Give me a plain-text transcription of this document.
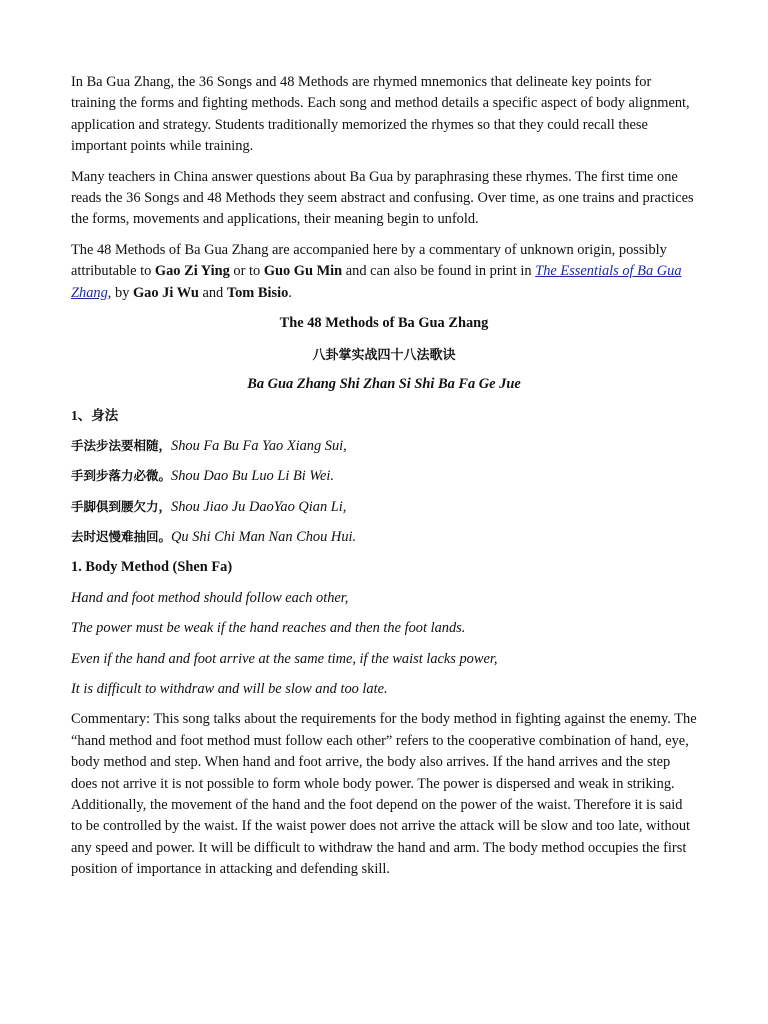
In Ba Gua Zhang, the 36 Songs and 48 Methods are rhymed mnemonics that delineate key points for training the forms and fighting methods. Each song and method details a specific aspect of body alignment, application and strategy. Students traditionally memorized the rhymes so that they could recall these important points while training.

Many teachers in China answer questions about Ba Gua by paraphrasing these rhymes. The first time one reads the 36 Songs and 48 Methods they seem abstract and confusing. Over time, as one trains and practices the forms, movements and applications, their meaning begin to unfold.

The 48 Methods of Ba Gua Zhang are accompanied here by a commentary of unknown origin, possibly attributable to Gao Zi Ying or to Guo Gu Min and can also be found in print in The Essentials of Ba Gua Zhang, by Gao Ji Wu and Tom Bisio.

The 48 Methods of Ba Gua Zhang

八卦掌实战四十八法歌诀

Ba Gua Zhang Shi Zhan Si Shi Ba Fa Ge Jue

1、身法

手法步法要相随，Shou Fa Bu Fa Yao Xiang Sui,

手到步落力必微。Shou Dao Bu Luo Li Bi Wei.

手脚俱到腰欠力，Shou Jiao Ju DaoYao Qian Li,

去时迟慢难抽回。Qu Shi Chi Man Nan Chou Hui.

1. Body Method (Shen Fa)

Hand and foot method should follow each other,

The power must be weak if the hand reaches and then the foot lands.

Even if the hand and foot arrive at the same time, if the waist lacks power,

It is difficult to withdraw and will be slow and too late.

Commentary: This song talks about the requirements for the body method in fighting against the enemy. The “hand method and foot method must follow each other” refers to the cooperative combination of hand, eye, body method and step. When hand and foot arrive, the body also arrives. If the hand arrives and the step does not arrive it is not possible to form whole body power. The power is dispersed and weak in striking. Additionally, the movement of the hand and the foot depend on the power of the waist. Therefore it is said to be controlled by the waist. If the waist power does not arrive the attack will be slow and too late, without any speed and power. It will be difficult to withdraw the hand and arm. The body method occupies the first position of importance in attacking and defending skill.
